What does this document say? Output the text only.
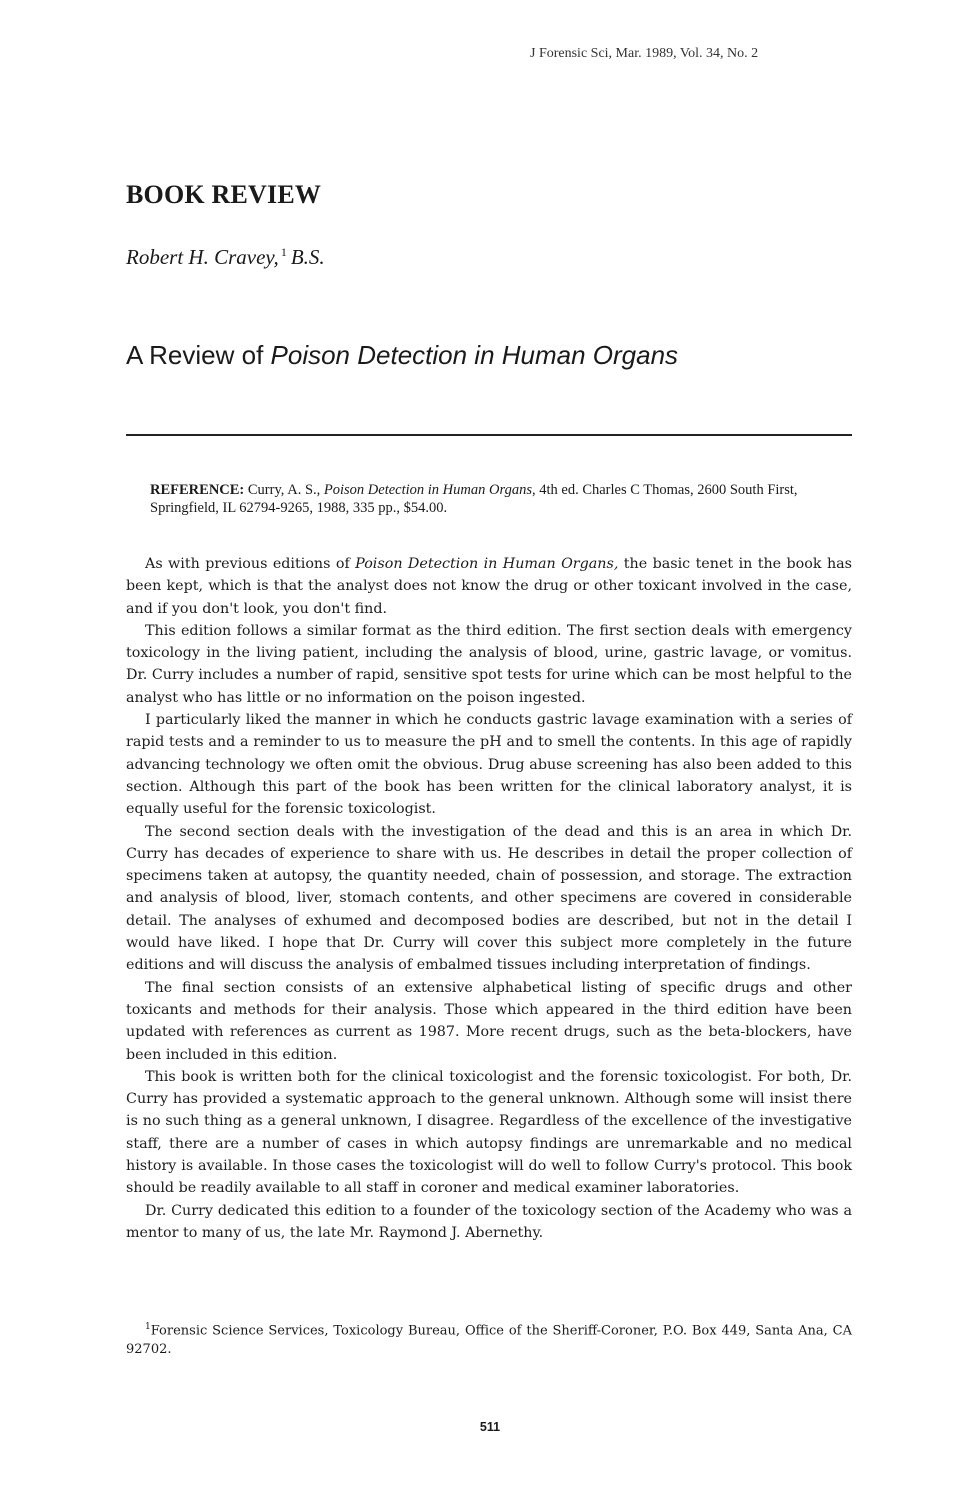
J Forensic Sci, Mar. 1989, Vol. 34, No. 2
BOOK REVIEW
Robert H. Cravey, $^1$ B.S.
A Review of Poison Detection in Human Organs
REFERENCE: Curry, A. S., Poison Detection in Human Organs, 4th ed. Charles C Thomas, 2600 South First, Springfield, IL 62794-9265, 1988, 335 pp., $54.00.

As with previous editions of Poison Detection in Human Organs, the basic tenet in the book has been kept, which is that the analyst does not know the drug or other toxicant involved in the case, and if you don't look, you don't find.

This edition follows a similar format as the third edition. The first section deals with emergency toxicology in the living patient, including the analysis of blood, urine, gastric lavage, or vomitus. Dr. Curry includes a number of rapid, sensitive spot tests for urine which can be most helpful to the analyst who has little or no information on the poison ingested.

I particularly liked the manner in which he conducts gastric lavage examination with a series of rapid tests and a reminder to us to measure the pH and to smell the contents. In this age of rapidly advancing technology we often omit the obvious. Drug abuse screening has also been added to this section. Although this part of the book has been written for the clinical laboratory analyst, it is equally useful for the forensic toxicologist.

The second section deals with the investigation of the dead and this is an area in which Dr. Curry has decades of experience to share with us. He describes in detail the proper collection of specimens taken at autopsy, the quantity needed, chain of possession, and storage. The extraction and analysis of blood, liver, stomach contents, and other specimens are covered in considerable detail. The analyses of exhumed and decomposed bodies are described, but not in the detail I would have liked. I hope that Dr. Curry will cover this subject more completely in the future editions and will discuss the analysis of embalmed tissues including interpretation of findings.

The final section consists of an extensive alphabetical listing of specific drugs and other toxicants and methods for their analysis. Those which appeared in the third edition have been updated with references as current as 1987. More recent drugs, such as the beta-blockers, have been included in this edition.

This book is written both for the clinical toxicologist and the forensic toxicologist. For both, Dr. Curry has provided a systematic approach to the general unknown. Although some will insist there is no such thing as a general unknown, I disagree. Regardless of the excellence of the investigative staff, there are a number of cases in which autopsy findings are unremarkable and no medical history is available. In those cases the toxicologist will do well to follow Curry's protocol. This book should be readily available to all staff in coroner and medical examiner laboratories.

Dr. Curry dedicated this edition to a founder of the toxicology section of the Academy who was a mentor to many of us, the late Mr. Raymond J. Abernethy.

$^1$Forensic Science Services, Toxicology Bureau, Office of the Sheriff-Coroner, P.O. Box 449, Santa Ana, CA 92702.
511
